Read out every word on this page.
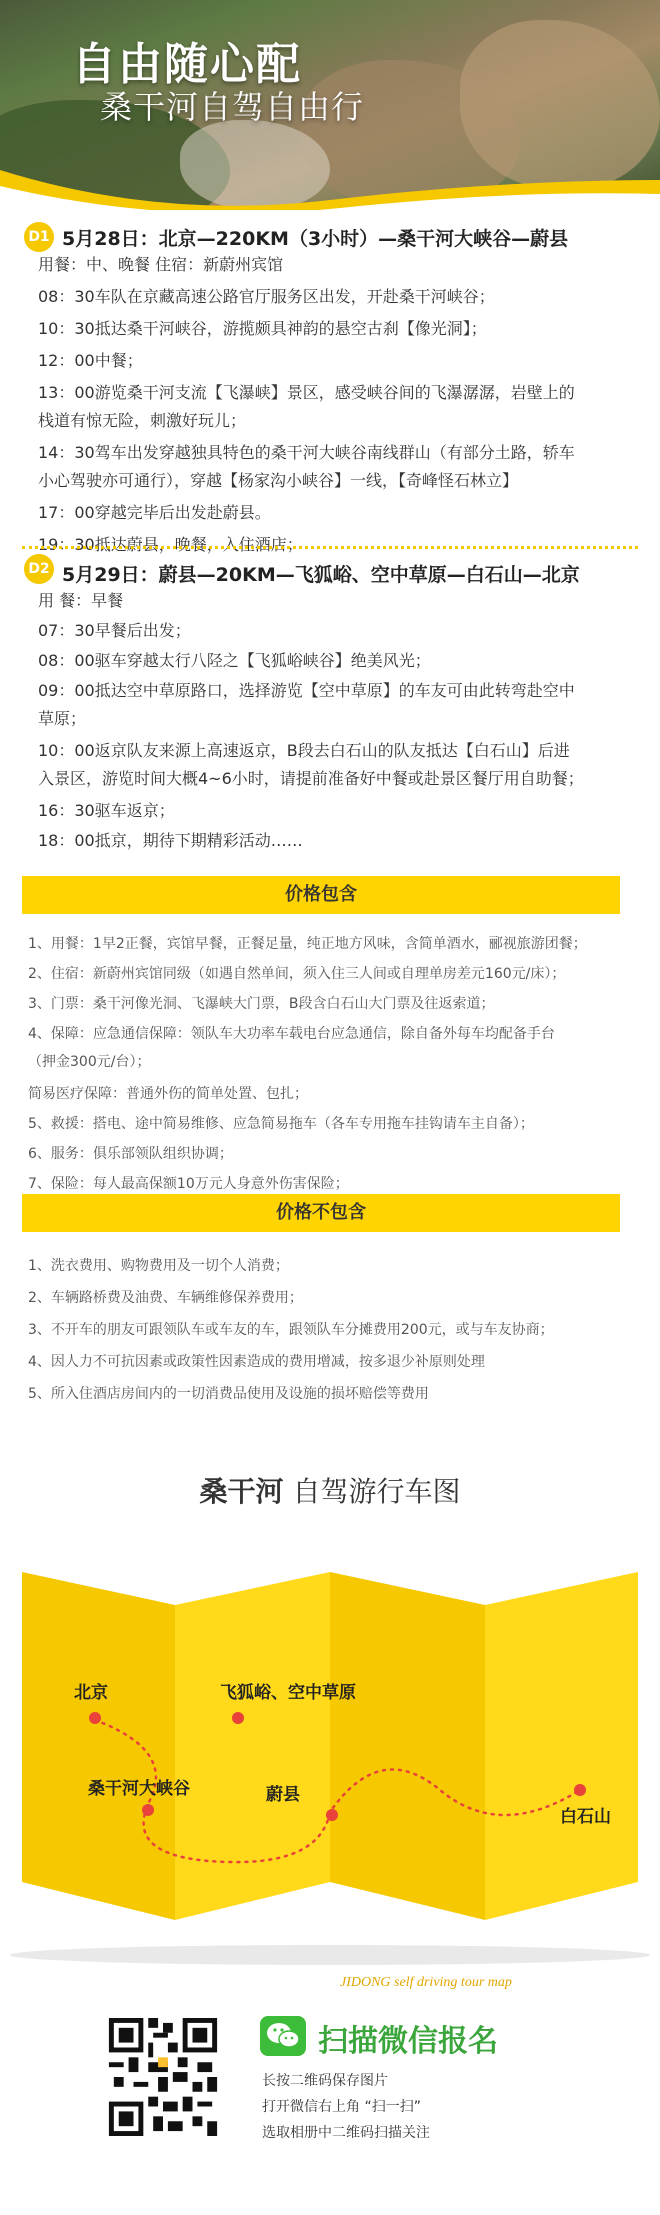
自由随心配
桑干河自驾自由行
D1 5月28日：北京—220KM（3小时）—桑干河大峡谷—蔚县
用餐：中、晚餐 住宿：新蔚州宾馆
08：30车队在京藏高速公路官厅服务区出发，开赴桑干河峡谷；
10：30抵达桑干河峡谷，游揽颇具神韵的悬空古刹【像光洞】；
12：00中餐；
13：00游览桑干河支流【飞瀑峡】景区，感受峡谷间的飞瀑潺潺，岩壁上的
栈道有惊无险，刺激好玩儿；
14：30驾车出发穿越独具特色的桑干河大峡谷南线群山（有部分土路，轿车
小心驾驶亦可通行），穿越【杨家沟小峡谷】一线，【奇峰怪石林立】
17：00穿越完毕后出发赴蔚县。
19：30抵达蔚县，晚餐，入住酒店；
D2 5月29日：蔚县—20KM—飞狐峪、空中草原—白石山—北京
用 餐：早餐
07：30早餐后出发；
08：00驱车穿越太行八陉之【飞狐峪峡谷】绝美风光；
09：00抵达空中草原路口，选择游览【空中草原】的车友可由此转弯赴空中
草原；
10：00返京队友来源上高速返京，B段去白石山的队友抵达【白石山】后进
入景区，游览时间大概4~6小时，请提前准备好中餐或赴景区餐厅用自助餐；
16：30驱车返京；
18：00抵京，期待下期精彩活动……
价格包含
1、用餐：1早2正餐，宾馆早餐，正餐足量，纯正地方风味，含简单酒水，郦视旅游团餐；
2、住宿：新蔚州宾馆同级（如遇自然单间，须入住三人间或自理单房差元160元/床）；
3、门票：桑干河像光洞、飞瀑峡大门票，B段含白石山大门票及往返索道；
4、保障：应急通信保障：领队车大功率车载电台应急通信，除自备外每车均配备手台
（押金300元/台）；
简易医疗保障：普通外伤的简单处置、包扎；
5、救援：搭电、途中简易维修、应急简易拖车（各车专用拖车挂钩请车主自备）；
6、服务：俱乐部领队组织协调；
7、保险：每人最高保额10万元人身意外伤害保险；
价格不包含
1、洗衣费用、购物费用及一切个人消费；
2、车辆路桥费及油费、车辆维修保养费用；
3、不开车的朋友可跟领队车或车友的车，跟领队车分摊费用200元，或与车友协商；
4、因人力不可抗因素或政策性因素造成的费用增减，按多退少补原则处理
5、所入住酒店房间内的一切消费品使用及设施的损坏赔偿等费用
桑干河 自驾游行车图
北京	飞狐峪、空中草原
桑干河大峡谷	蔚县
白石山
JIDONG self driving tour map
扫描微信报名
长按二维码保存图片
打开微信右上角 “扫一扫”
选取相册中二维码扫描关注
